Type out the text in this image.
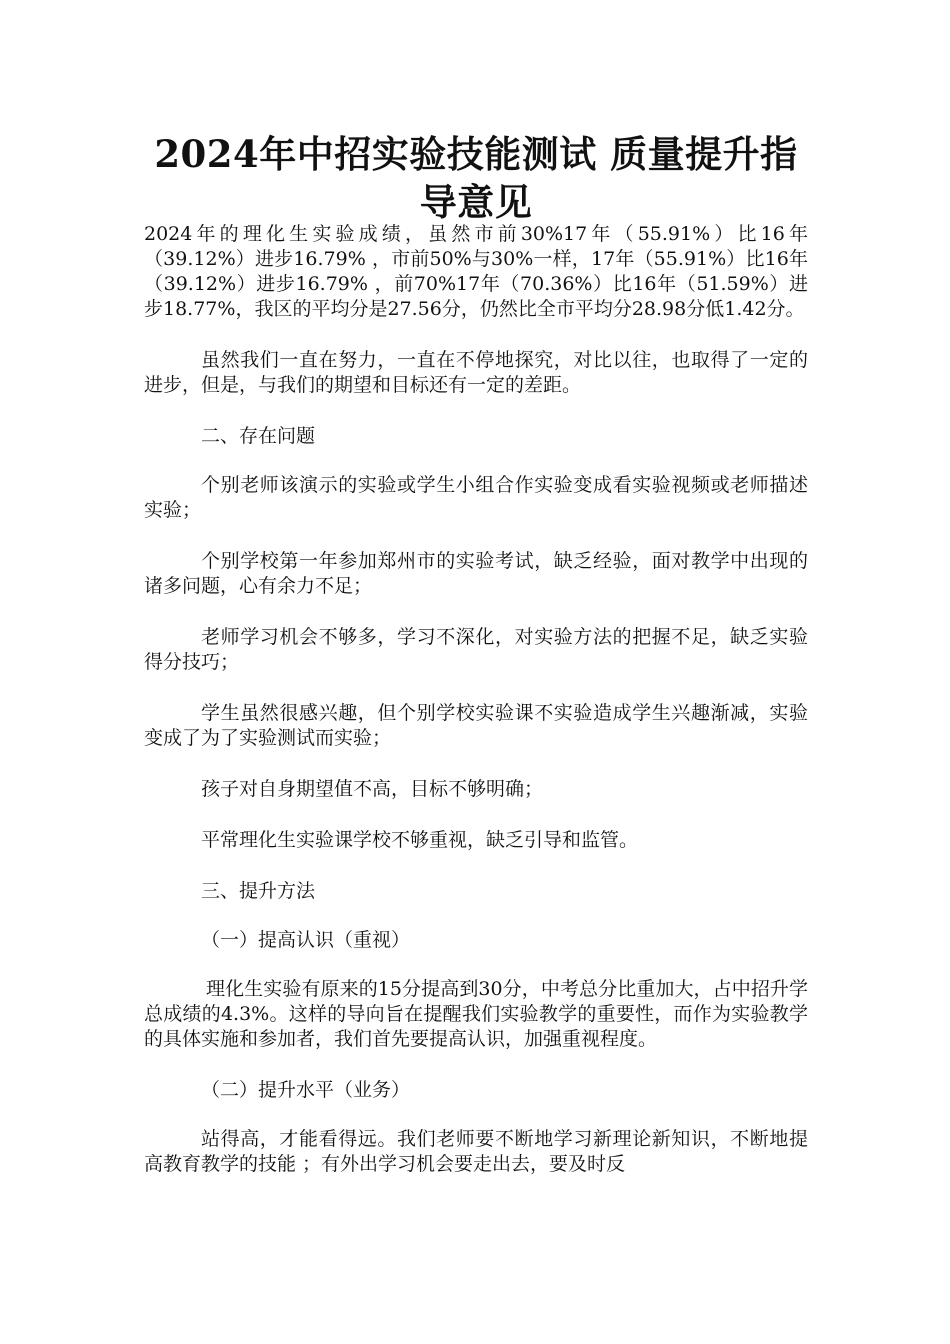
2024年中招实验技能测试 质量提升指
导意见

2024年的理化生实验成绩，虽然市前30%17年（55.91%）比16年（39.12%）进步16.79% ，市前50%与30%一样，17年（55.91%）比16年（39.12%）进步16.79% ，前70%17年（70.36%）比16年（51.59%）进步18.77%，我区的平均分是27.56分，仍然比全市平均分28.98分低1.42分。

虽然我们一直在努力，一直在不停地探究，对比以往，也取得了一定的进步，但是，与我们的期望和目标还有一定的差距。

二、存在问题

个别老师该演示的实验或学生小组合作实验变成看实验视频或老师描述实验；

个别学校第一年参加郑州市的实验考试，缺乏经验，面对教学中出现的诸多问题，心有余力不足；

老师学习机会不够多，学习不深化，对实验方法的把握不足，缺乏实验得分技巧；

学生虽然很感兴趣，但个别学校实验课不实验造成学生兴趣渐减，实验变成了为了实验测试而实验；

孩子对自身期望值不高，目标不够明确；

平常理化生实验课学校不够重视，缺乏引导和监管。

三、提升方法

（一）提高认识（重视）

理化生实验有原来的15分提高到30分，中考总分比重加大，占中招升学总成绩的4.3%。这样的导向旨在提醒我们实验教学的重要性，而作为实验教学的具体实施和参加者，我们首先要提高认识，加强重视程度。

（二）提升水平（业务）

站得高，才能看得远。我们老师要不断地学习新理论新知识，不断地提高教育教学的技能 ；有外出学习机会要走出去，要及时反
